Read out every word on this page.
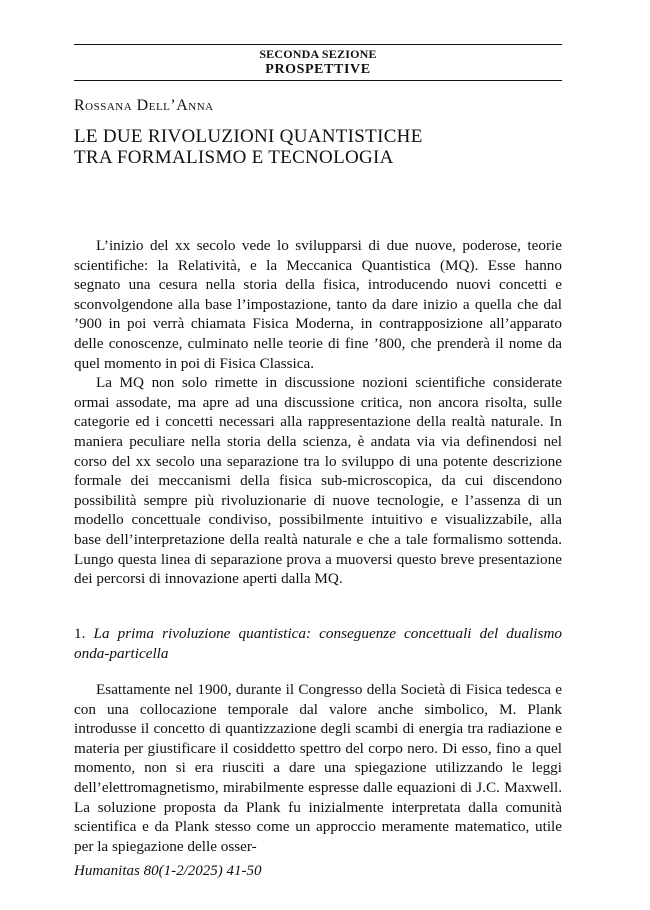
SECONDA SEZIONE
PROSPETTIVE
Rossana Dell’Anna
LE DUE RIVOLUZIONI QUANTISTICHE
TRA FORMALISMO E TECNOLOGIA

L’inizio del xx secolo vede lo svilupparsi di due nuove, poderose, teorie scientifiche: la Relatività, e la Meccanica Quantistica (MQ). Esse hanno segnato una cesura nella storia della fisica, introducendo nuovi concetti e sconvolgendone alla base l’impostazione, tanto da dare inizio a quella che dal ’900 in poi verrà chiamata Fisica Moderna, in contrapposizione all’apparato delle conoscenze, culminato nelle teorie di fine ’800, che prenderà il nome da quel momento in poi di Fisica Classica.

La MQ non solo rimette in discussione nozioni scientifiche considerate ormai assodate, ma apre ad una discussione critica, non ancora risolta, sulle categorie ed i concetti necessari alla rappresentazione della realtà naturale. In maniera peculiare nella storia della scienza, è andata via via definendosi nel corso del xx secolo una separazione tra lo sviluppo di una potente descrizione formale dei meccanismi della fisica sub-microscopica, da cui discendono possibilità sempre più rivoluzionarie di nuove tecnologie, e l’assenza di un modello concettuale condiviso, possibilmente intuitivo e visualizzabile, alla base dell’interpretazione della realtà naturale e che a tale formalismo sottenda. Lungo questa linea di separazione prova a muoversi questo breve presentazione dei percorsi di innovazione aperti dalla MQ.

1. La prima rivoluzione quantistica: conseguenze concettuali del dualismo onda-particella

Esattamente nel 1900, durante il Congresso della Società di Fisica tedesca e con una collocazione temporale dal valore anche simbolico, M. Plank introdusse il concetto di quantizzazione degli scambi di energia tra radiazione e materia per giustificare il cosiddetto spettro del corpo nero. Di esso, fino a quel momento, non si era riusciti a dare una spiegazione utilizzando le leggi dell’elettromagnetismo, mirabilmente espresse dalle equazioni di J.C. Maxwell. La soluzione proposta da Plank fu inizialmente interpretata dalla comunità scientifica e da Plank stesso come un approccio meramente matematico, utile per la spiegazione delle osser-

Humanitas 80(1-2/2025) 41-50
